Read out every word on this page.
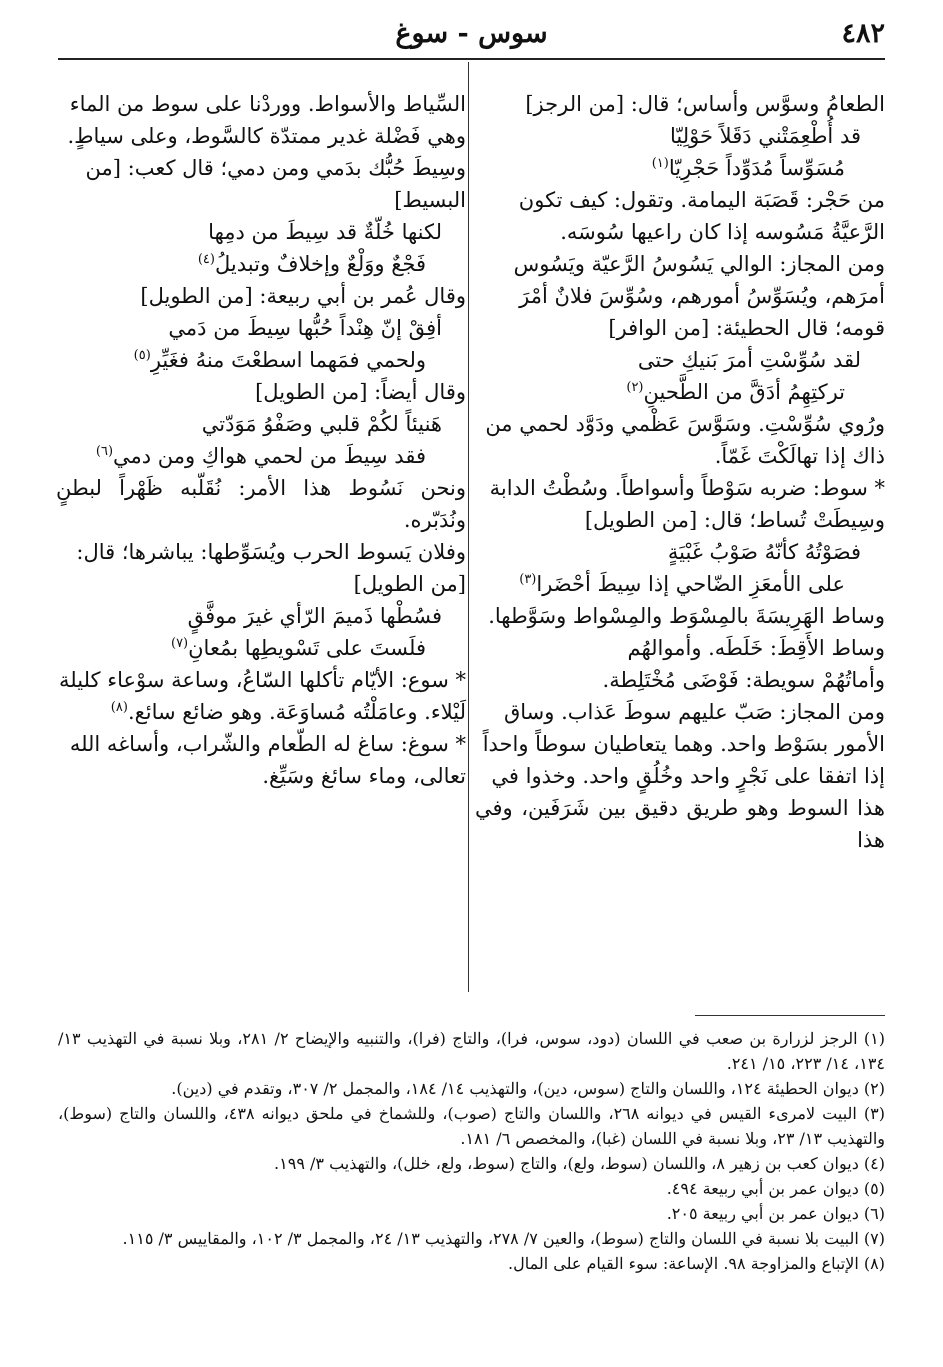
٤٨٢
سوس - سوغ
الطعامُ وسوَّس وأساس؛ قال: [من الرجز]
قد أُطْعِمَتْني دَقَلاً حَوْلِيّا
مُسَوِّساً مُدَوِّداً حَجْرِيّا$^{(١)}$
من حَجْر: قَصَبَة اليمامة. وتقول: كيف تكون
الرَّعيَّةُ مَسُوسه إذا كان راعيها سُوسَه.
ومن المجاز: الوالي يَسُوسُ الرَّعيّة ويَسُوس
أمرَهم، ويُسَوِّسُ أمورهم، وسُوِّسَ فلانٌ أمْرَ
قومه؛ قال الحطيئة: [من الوافر]
لقد سُوِّسْتِ أمرَ بَنيكِ حتى
تركتِهِمُ أدَقَّ من الطَّحينِ$^{(٢)}$
ورُوي سُوِّسْتِ. وسَوَّسَ عَظْمي ودَوَّد لحمي من
ذاك إذا تهالَكْتَ غَمّاً.
* سوط: ضربه سَوْطاً وأسواطاً. وسُطْتُ الدابة
وسِيطَتْ تُساط؛ قال: [من الطويل]
فصَوْتُهُ كأنّهُ صَوْبُ غَبْيَةٍ
على الأمعَزِ الضّاحي إذا سِيطَ أحْضَرا$^{(٣)}$
وساط الهَرِيسَةَ بالمِسْوَط والمِسْواط وسَوَّطها.
وساط الأَقِطَ: خَلَطَه. وأموالهُم
وأماتُهُمْ سويطة: فَوْضَى مُخْتَلِطة.
ومن المجاز: صَبّ عليهم سوطَ عَذاب. وساق
الأمور بسَوْط واحد. وهما يتعاطيان سوطاً واحداً
إذا اتفقا على نَجْرٍ واحد وخُلُقٍ واحد. وخذوا في
هذا السوط وهو طريق دقيق بين شَرَفَين، وفي هذا
السِّياط والأسواط. ووردْنا على سوط من الماء
وهي فَضْلة غدير ممتدّة كالسَّوط، وعلى سياطٍ.
وسِيطَ حُبُّك بدَمي ومن دمي؛ قال كعب: [من
البسيط]
لكنها خُلّةٌ قد سِيطَ من دمِها
فَجْعٌ ووَلْعٌ وإخلافٌ وتبديلُ$^{(٤)}$
وقال عُمر بن أبي ربيعة: [من الطويل]
أفِقْ إنّ هِنْداً حُبُّها سِيطَ من دَمي
ولحمي فمَهما اسطعْتَ منهُ فغَيِّرِ$^{(٥)}$
وقال أيضاً: [من الطويل]
هَنيئاً لكُمْ قلبي وصَفْوُ مَوَدّتي
فقد سِيطَ من لحمي هواكِ ومن دمي$^{(٦)}$
ونحن نَسُوط هذا الأمر: نُقَلّبه ظَهْراً لبطنٍ ونُدَبّره.
وفلان يَسوط الحرب ويُسَوِّطها: يباشرها؛ قال:
[من الطويل]
فسُطْها ذَميمَ الرّأي غيرَ موفَّقٍ
فلَستَ على تَسْويطِها بمُعانِ$^{(٧)}$
* سوع: الأيّام تأكلها السّاعُ، وساعة سوْعاء كليلة
لَيْلاء. وعامَلْتُه مُساوَعَة. وهو ضائع سائع.$^{(٨)}$
* سوغ: ساغ له الطّعام والشّراب، وأساغه الله
تعالى، وماء سائغ وسَيِّغ.
(١) الرجز لزرارة بن صعب في اللسان (دود، سوس، فرا)، والتاج (فرا)، والتنبيه والإيضاح ٢/ ٢٨١، وبلا نسبة في التهذيب ١٣/ ١٣٤، ١٤/ ٢٢٣، ١٥/ ٢٤١.
(٢) ديوان الحطيئة ١٢٤، واللسان والتاج (سوس، دين)، والتهذيب ١٤/ ١٨٤، والمجمل ٢/ ٣٠٧، وتقدم في (دين).
(٣) البيت لامرىء القيس في ديوانه ٢٦٨، واللسان والتاج (صوب)، وللشماخ في ملحق ديوانه ٤٣٨، واللسان والتاج (سوط)، والتهذيب ١٣/ ٢٣، وبلا نسبة في اللسان (غبا)، والمخصص ٦/ ١٨١.
(٤) ديوان كعب بن زهير ٨، واللسان (سوط، ولع)، والتاج (سوط، ولع، خلل)، والتهذيب ٣/ ١٩٩.
(٥) ديوان عمر بن أبي ربيعة ٤٩٤.
(٦) ديوان عمر بن أبي ربيعة ٢٠٥.
(٧) البيت بلا نسبة في اللسان والتاج (سوط)، والعين ٧/ ٢٧٨، والتهذيب ١٣/ ٢٤، والمجمل ٣/ ١٠٢، والمقاييس ٣/ ١١٥.
(٨) الإتباع والمزاوجة ٩٨. الإساعة: سوء القيام على المال.
